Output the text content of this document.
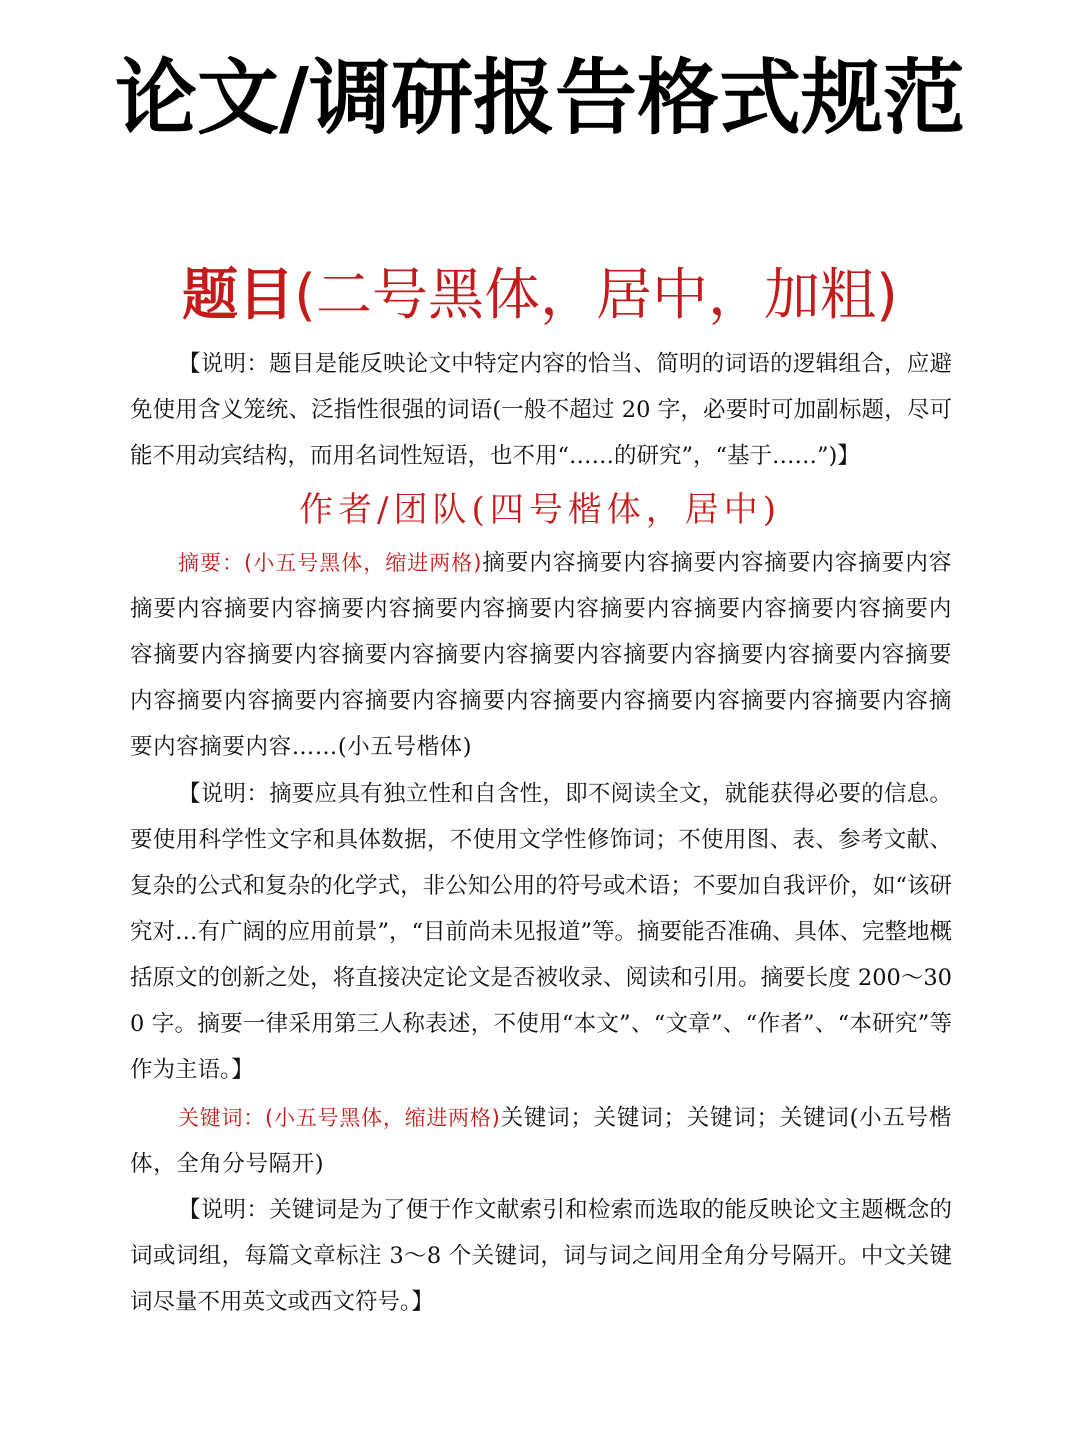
论文/调研报告格式规范
题目(二号黑体，居中，加粗)

【说明：题目是能反映论文中特定内容的恰当、简明的词语的逻辑组合，应避免使用含义笼统、泛指性很强的词语(一般不超过 20 字，必要时可加副标题，尽可能不用动宾结构，而用名词性短语，也不用“……的研究”，“基于……”)】

作者/团队(四号楷体，居中)

摘要：(小五号黑体，缩进两格)摘要内容摘要内容摘要内容摘要内容摘要内容摘要内容摘要内容摘要内容摘要内容摘要内容摘要内容摘要内容摘要内容摘要内容摘要内容摘要内容摘要内容摘要内容摘要内容摘要内容摘要内容摘要内容摘要内容摘要内容摘要内容摘要内容摘要内容摘要内容摘要内容摘要内容摘要内容摘要内容摘要内容……(小五号楷体)

【说明：摘要应具有独立性和自含性，即不阅读全文，就能获得必要的信息。要使用科学性文字和具体数据，不使用文学性修饰词；不使用图、表、参考文献、复杂的公式和复杂的化学式，非公知公用的符号或术语；不要加自我评价，如“该研究对…有广阔的应用前景”，“目前尚未见报道”等。摘要能否准确、具体、完整地概括原文的创新之处，将直接决定论文是否被收录、阅读和引用。摘要长度 200～300 字。摘要一律采用第三人称表述，不使用“本文”、“文章”、“作者”、“本研究”等作为主语。】

关键词：(小五号黑体，缩进两格)关键词；关键词；关键词；关键词(小五号楷体，全角分号隔开)

【说明：关键词是为了便于作文献索引和检索而选取的能反映论文主题概念的词或词组，每篇文章标注 3～8 个关键词，词与词之间用全角分号隔开。中文关键词尽量不用英文或西文符号。】
